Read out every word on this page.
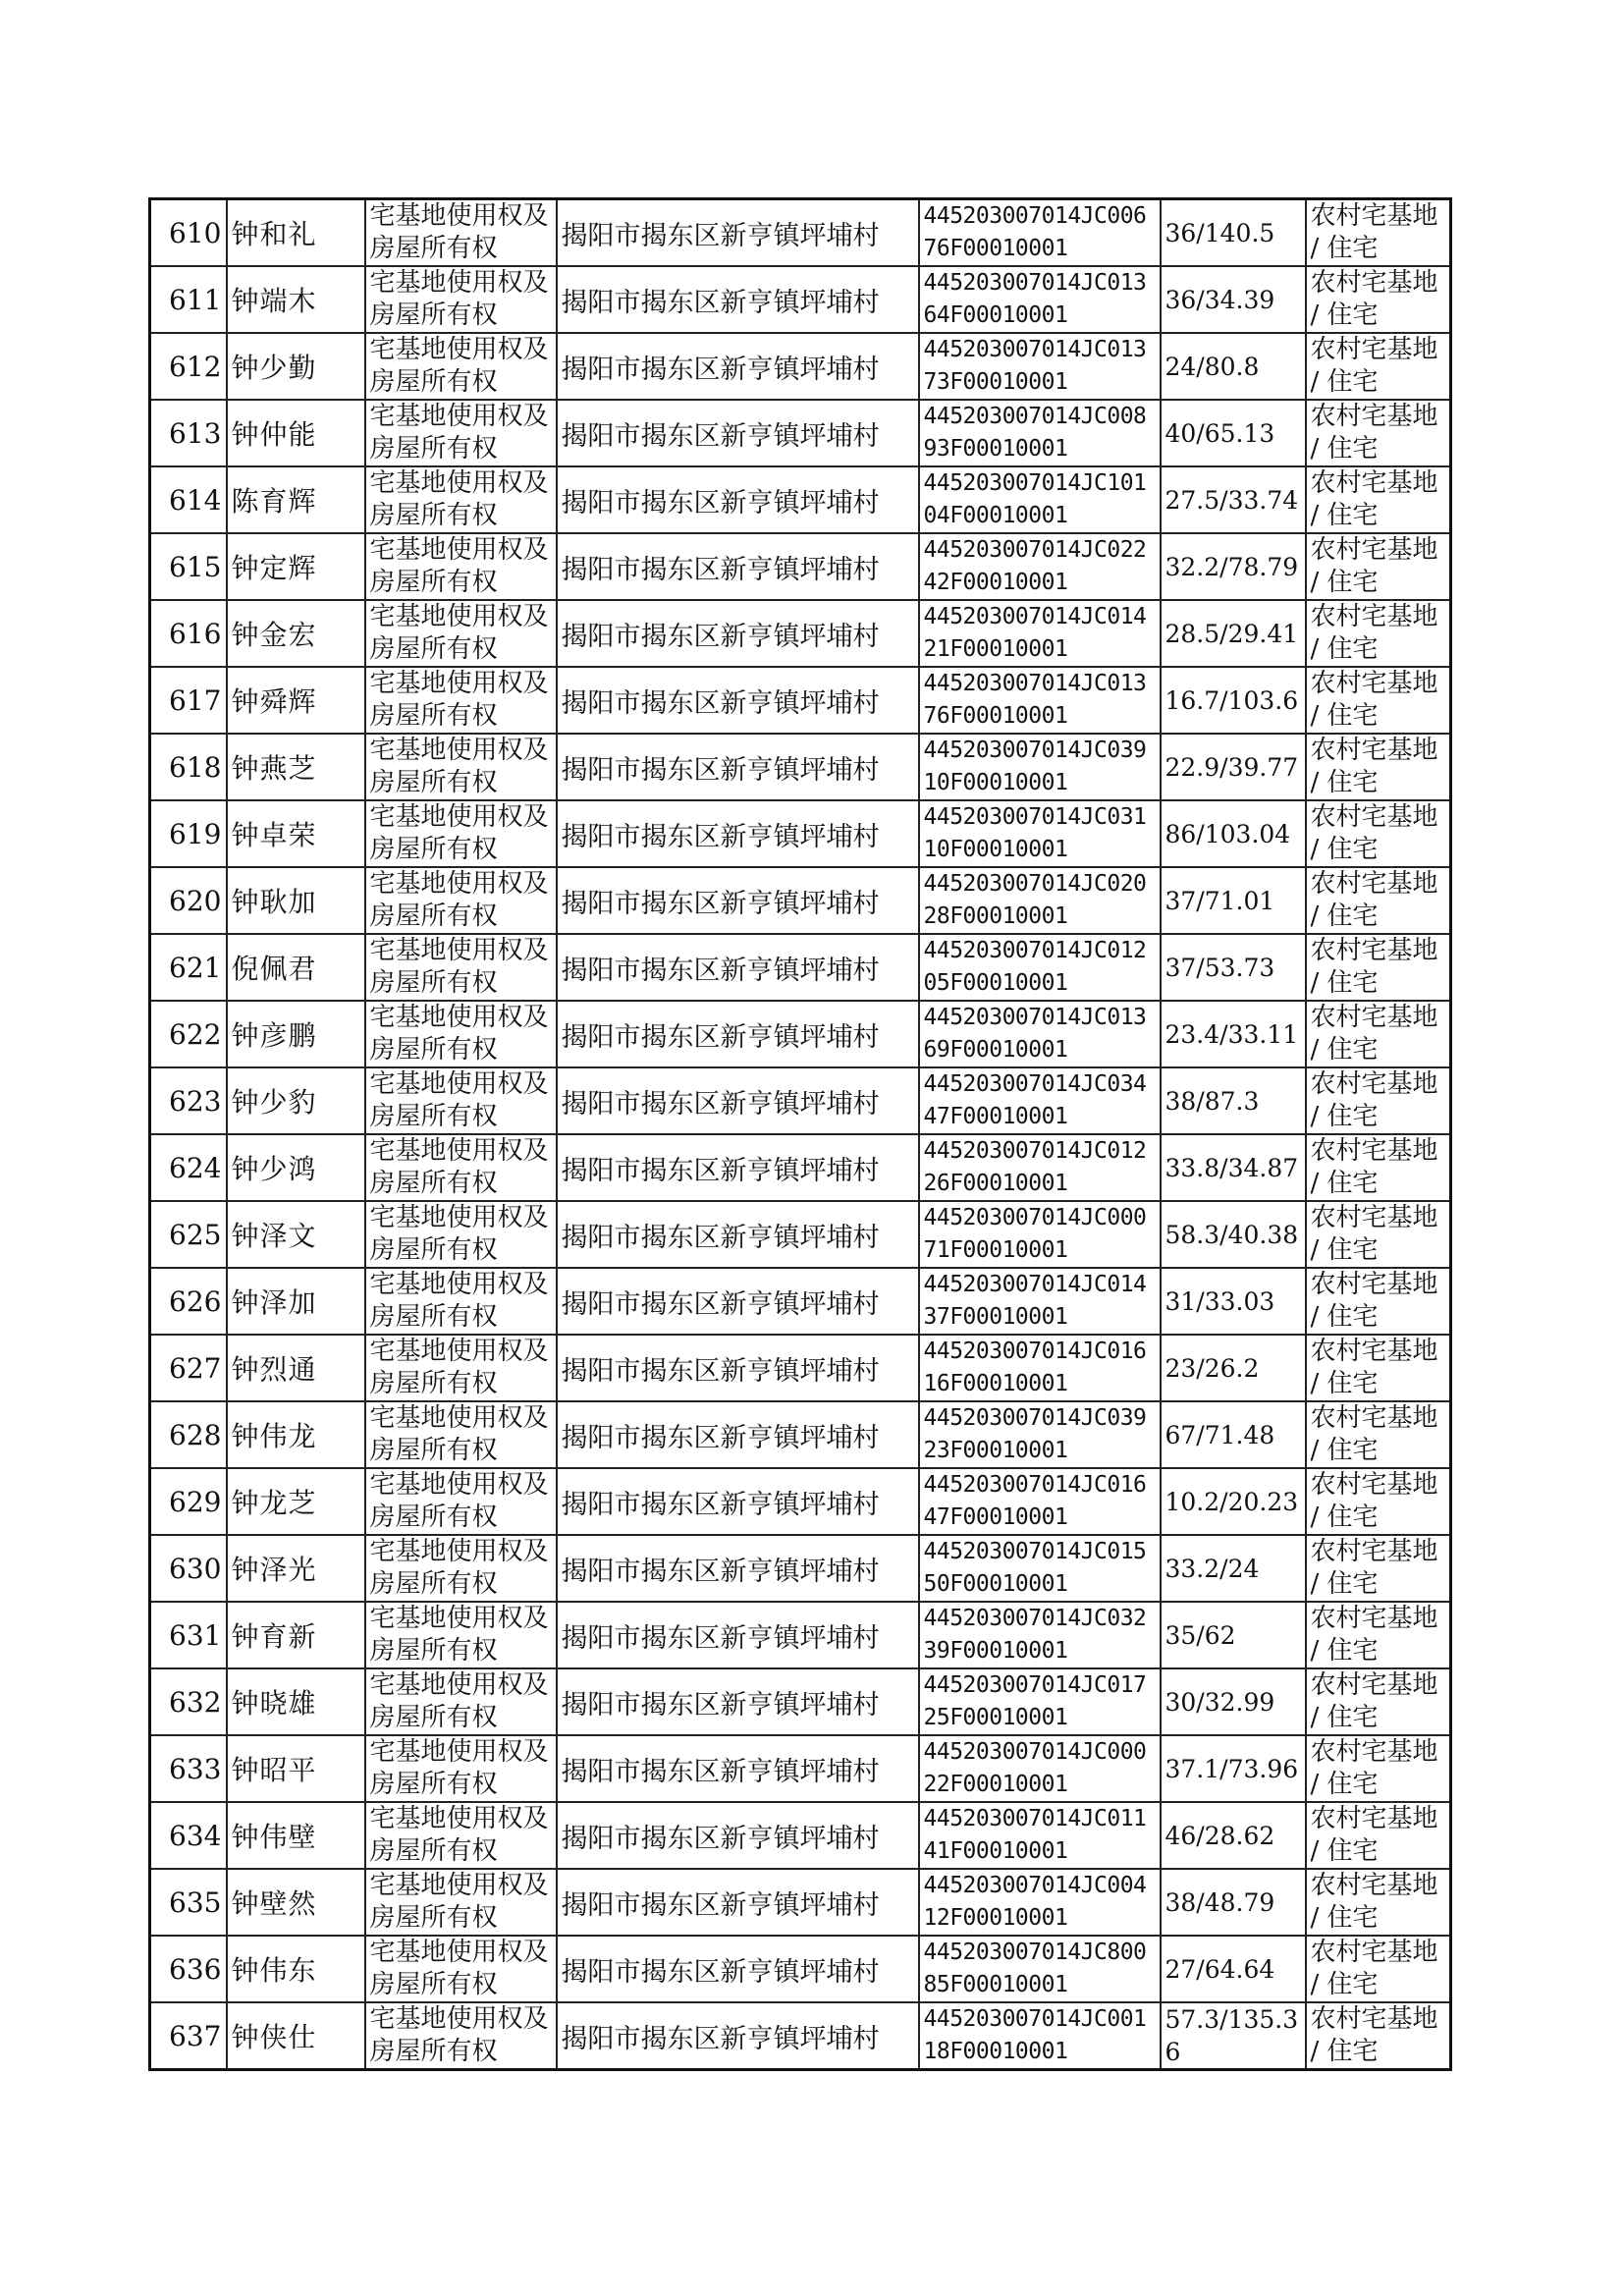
610	钟和礼	宅基地使用权及房屋所有权	揭阳市揭东区新亨镇坪埔村	445203007014JC00676F00010001	36/140.5	农村宅基地 / 住宅
611	钟端木	宅基地使用权及房屋所有权	揭阳市揭东区新亨镇坪埔村	445203007014JC01364F00010001	36/34.39	农村宅基地 / 住宅
612	钟少勤	宅基地使用权及房屋所有权	揭阳市揭东区新亨镇坪埔村	445203007014JC01373F00010001	24/80.8	农村宅基地 / 住宅
613	钟仲能	宅基地使用权及房屋所有权	揭阳市揭东区新亨镇坪埔村	445203007014JC00893F00010001	40/65.13	农村宅基地 / 住宅
614	陈育辉	宅基地使用权及房屋所有权	揭阳市揭东区新亨镇坪埔村	445203007014JC10104F00010001	27.5/33.74	农村宅基地 / 住宅
615	钟定辉	宅基地使用权及房屋所有权	揭阳市揭东区新亨镇坪埔村	445203007014JC02242F00010001	32.2/78.79	农村宅基地 / 住宅
616	钟金宏	宅基地使用权及房屋所有权	揭阳市揭东区新亨镇坪埔村	445203007014JC01421F00010001	28.5/29.41	农村宅基地 / 住宅
617	钟舜辉	宅基地使用权及房屋所有权	揭阳市揭东区新亨镇坪埔村	445203007014JC01376F00010001	16.7/103.6	农村宅基地 / 住宅
618	钟燕芝	宅基地使用权及房屋所有权	揭阳市揭东区新亨镇坪埔村	445203007014JC03910F00010001	22.9/39.77	农村宅基地 / 住宅
619	钟卓荣	宅基地使用权及房屋所有权	揭阳市揭东区新亨镇坪埔村	445203007014JC03110F00010001	86/103.04	农村宅基地 / 住宅
620	钟耿加	宅基地使用权及房屋所有权	揭阳市揭东区新亨镇坪埔村	445203007014JC02028F00010001	37/71.01	农村宅基地 / 住宅
621	倪佩君	宅基地使用权及房屋所有权	揭阳市揭东区新亨镇坪埔村	445203007014JC01205F00010001	37/53.73	农村宅基地 / 住宅
622	钟彦鹏	宅基地使用权及房屋所有权	揭阳市揭东区新亨镇坪埔村	445203007014JC01369F00010001	23.4/33.11	农村宅基地 / 住宅
623	钟少豹	宅基地使用权及房屋所有权	揭阳市揭东区新亨镇坪埔村	445203007014JC03447F00010001	38/87.3	农村宅基地 / 住宅
624	钟少鸿	宅基地使用权及房屋所有权	揭阳市揭东区新亨镇坪埔村	445203007014JC01226F00010001	33.8/34.87	农村宅基地 / 住宅
625	钟泽文	宅基地使用权及房屋所有权	揭阳市揭东区新亨镇坪埔村	445203007014JC00071F00010001	58.3/40.38	农村宅基地 / 住宅
626	钟泽加	宅基地使用权及房屋所有权	揭阳市揭东区新亨镇坪埔村	445203007014JC01437F00010001	31/33.03	农村宅基地 / 住宅
627	钟烈通	宅基地使用权及房屋所有权	揭阳市揭东区新亨镇坪埔村	445203007014JC01616F00010001	23/26.2	农村宅基地 / 住宅
628	钟伟龙	宅基地使用权及房屋所有权	揭阳市揭东区新亨镇坪埔村	445203007014JC03923F00010001	67/71.48	农村宅基地 / 住宅
629	钟龙芝	宅基地使用权及房屋所有权	揭阳市揭东区新亨镇坪埔村	445203007014JC01647F00010001	10.2/20.23	农村宅基地 / 住宅
630	钟泽光	宅基地使用权及房屋所有权	揭阳市揭东区新亨镇坪埔村	445203007014JC01550F00010001	33.2/24	农村宅基地 / 住宅
631	钟育新	宅基地使用权及房屋所有权	揭阳市揭东区新亨镇坪埔村	445203007014JC03239F00010001	35/62	农村宅基地 / 住宅
632	钟晓雄	宅基地使用权及房屋所有权	揭阳市揭东区新亨镇坪埔村	445203007014JC01725F00010001	30/32.99	农村宅基地 / 住宅
633	钟昭平	宅基地使用权及房屋所有权	揭阳市揭东区新亨镇坪埔村	445203007014JC00022F00010001	37.1/73.96	农村宅基地 / 住宅
634	钟伟壁	宅基地使用权及房屋所有权	揭阳市揭东区新亨镇坪埔村	445203007014JC01141F00010001	46/28.62	农村宅基地 / 住宅
635	钟壁然	宅基地使用权及房屋所有权	揭阳市揭东区新亨镇坪埔村	445203007014JC00412F00010001	38/48.79	农村宅基地 / 住宅
636	钟伟东	宅基地使用权及房屋所有权	揭阳市揭东区新亨镇坪埔村	445203007014JC80085F00010001	27/64.64	农村宅基地 / 住宅
637	钟侠仕	宅基地使用权及房屋所有权	揭阳市揭东区新亨镇坪埔村	445203007014JC00118F00010001	57.3/135.36	农村宅基地 / 住宅
